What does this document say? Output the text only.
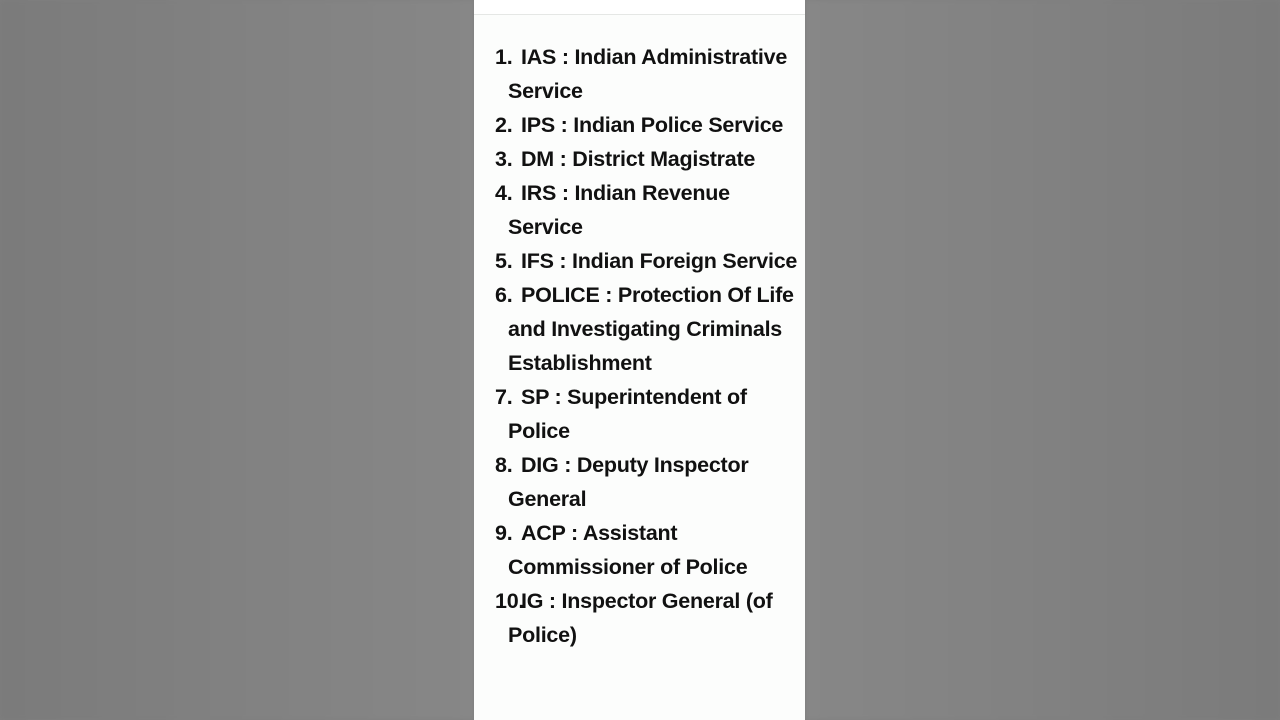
1. IAS : Indian Administrative Service
2. IPS : Indian Police Service
3. DM : District Magistrate
4. IRS : Indian Revenue Service
5. IFS : Indian Foreign Service
6. POLICE : Protection Of Life and Investigating Criminals Establishment
7. SP : Superintendent of Police
8. DIG : Deputy Inspector General
9. ACP : Assistant Commissioner of Police
10.
IG : Inspector General (of Police)
